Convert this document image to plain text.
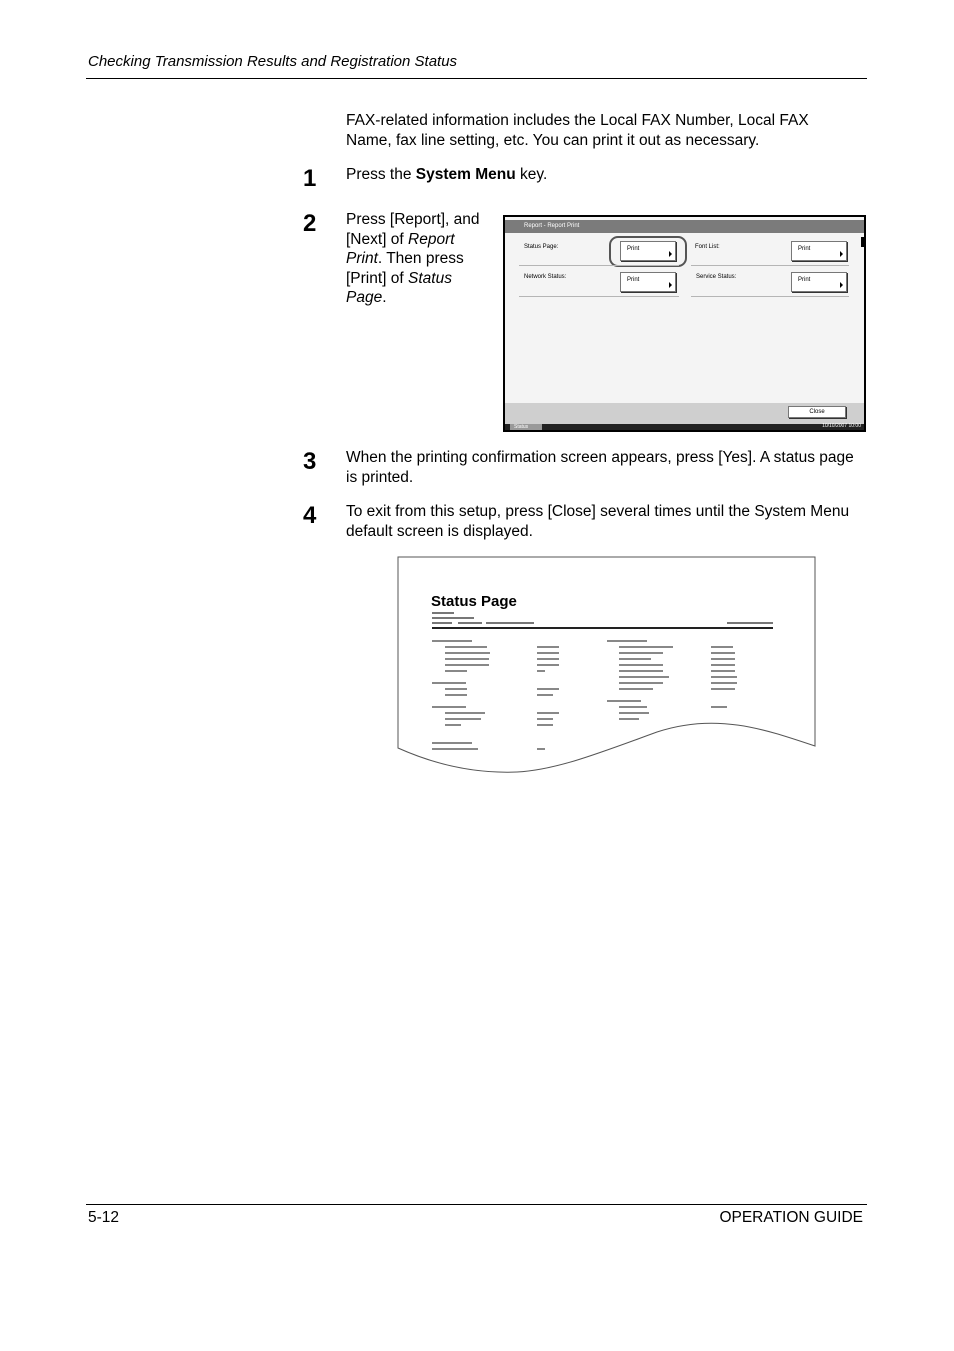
Checking Transmission Results and Registration Status
FAX-related information includes the Local FAX Number, Local FAX Name, fax line setting, etc. You can print it out as necessary.
1	Press the System Menu key.
2	Press [Report], and
[Next] of Report
Print. Then press
[Print] of Status
Page.
Report - Report Print
Status Page:	Print	Font List:	Print
Network Status:	Print	Service Status:	Print
Close
Status	10/10/2007 10:00
3	When the printing confirmation screen appears, press [Yes]. A status page
is printed.
4	To exit from this setup, press [Close] several times until the System Menu
default screen is displayed.
Status Page
5-12	OPERATION GUIDE
